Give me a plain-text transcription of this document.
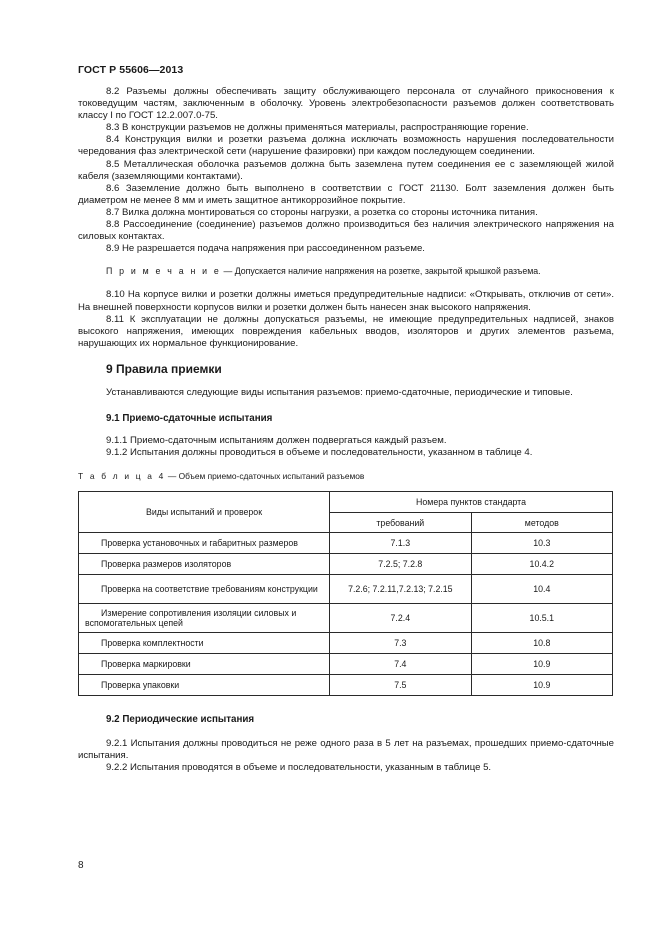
ГОСТ Р 55606—2013

8.2 Разъемы должны обеспечивать защиту обслуживающего персонала от случайного прикосновения к токоведущим частям, заключенным в оболочку. Уровень электробезопасности разъемов должен соответствовать классу I по ГОСТ 12.2.007.0-75.

8.3 В конструкции разъемов не должны применяться материалы, распространяющие горение.

8.4 Конструкция вилки и розетки разъема должна исключать возможность нарушения последовательности чередования фаз электрической сети (нарушение фазировки) при каждом последующем соединении.

8.5 Металлическая оболочка разъемов должна быть заземлена путем соединения ее с заземляющей жилой кабеля (заземляющими контактами).

8.6 Заземление должно быть выполнено в соответствии с ГОСТ 21130. Болт заземления должен быть диаметром не менее 8 мм и иметь защитное антикоррозийное покрытие.

8.7 Вилка должна монтироваться со стороны нагрузки, а розетка со стороны источника питания.

8.8 Рассоединение (соединение) разъемов должно производиться без наличия электрического напряжения на силовых контактах.

8.9 Не разрешается подача напряжения при рассоединенном разъеме.

П р и м е ч а н и е — Допускается наличие напряжения на розетке, закрытой крышкой разъема.

8.10 На корпусе вилки и розетки должны иметься предупредительные надписи: «Открывать, отключив от сети». На внешней поверхности корпусов вилки и розетки должен быть нанесен знак высокого напряжения.

8.11 К эксплуатации не должны допускаться разъемы, не имеющие предупредительных надписей, знаков высокого напряжения, имеющих повреждения кабельных вводов, изоляторов и других элементов разъема, нарушающих их нормальное функционирование.

9 Правила приемки

Устанавливаются следующие виды испытания разъемов: приемо-сдаточные, периодические и типовые.

9.1 Приемо-сдаточные испытания

9.1.1 Приемо-сдаточным испытаниям должен подвергаться каждый разъем.

9.1.2 Испытания должны проводиться в объеме и последовательности, указанном в таблице 4.

Т а б л и ц а 4 — Объем приемо-сдаточных испытаний разъемов

Виды испытаний и проверок	Номера пунктов стандарта	
	требований	методов
Проверка установочных и габаритных размеров	7.1.3	10.3
Проверка размеров изоляторов	7.2.5; 7.2.8	10.4.2
Проверка на соответствие требованиям конструкции	7.2.6; 7.2.11,7.2.13; 7.2.15	10.4
Измерение сопротивления изоляции силовых и вспомогательных цепей	7.2.4	10.5.1
Проверка комплектности	7.3	10.8
Проверка маркировки	7.4	10.9
Проверка упаковки	7.5	10.9
9.2 Периодические испытания

9.2.1 Испытания должны проводиться не реже одного раза в 5 лет на разъемах, прошедших приемо-сдаточные испытания.

9.2.2 Испытания проводятся в объеме и последовательности, указанным в таблице 5.

8
